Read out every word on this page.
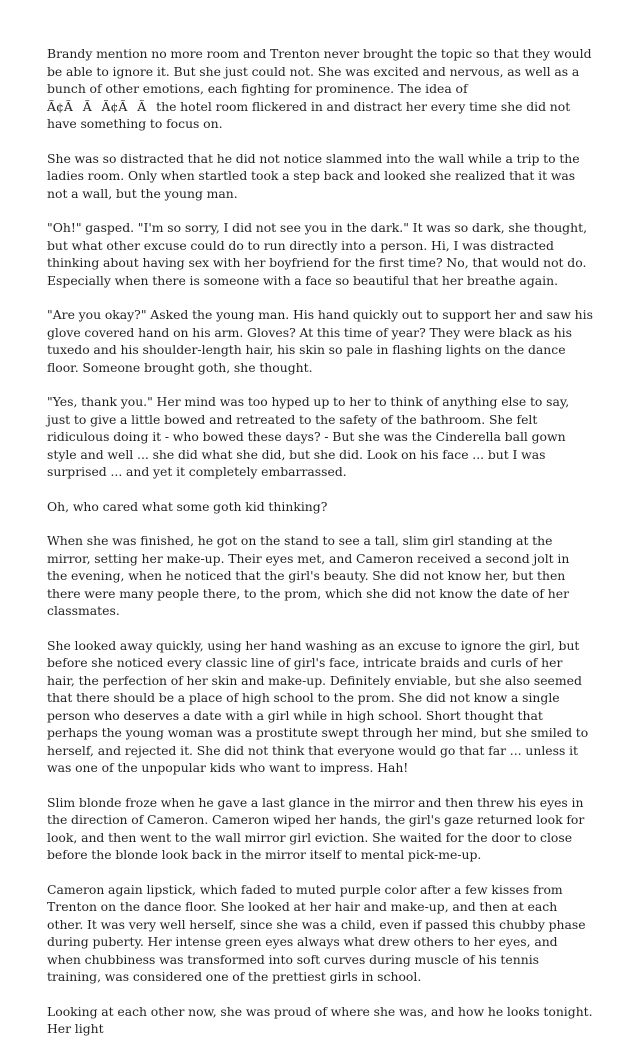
Brandy mention no more room and Trenton never brought the topic so that they would be able to ignore it. But she just could not. She was excited and nervous, as well as a bunch of other emotions, each fighting for prominence. The idea of Ã¢ÃÃÃ¢ÃÃthe hotel room flickered in and distract her every time she did not have something to focus on.

She was so distracted that he did not notice slammed into the wall while a trip to the ladies room. Only when startled took a step back and looked she realized that it was not a wall, but the young man.

"Oh!" gasped. "I'm so sorry, I did not see you in the dark." It was so dark, she thought, but what other excuse could do to run directly into a person. Hi, I was distracted thinking about having sex with her boyfriend for the first time? No, that would not do. Especially when there is someone with a face so beautiful that her breathe again.

"Are you okay?" Asked the young man. His hand quickly out to support her and saw his glove covered hand on his arm. Gloves? At this time of year? They were black as his tuxedo and his shoulder-length hair, his skin so pale in flashing lights on the dance floor. Someone brought goth, she thought.

"Yes, thank you." Her mind was too hyped up to her to think of anything else to say, just to give a little bowed and retreated to the safety of the bathroom. She felt ridiculous doing it - who bowed these days? - But she was the Cinderella ball gown style and well ... she did what she did, but she did. Look on his face ... but I was surprised ... and yet it completely embarrassed.

Oh, who cared what some goth kid thinking?

When she was finished, he got on the stand to see a tall, slim girl standing at the mirror, setting her make-up. Their eyes met, and Cameron received a second jolt in the evening, when he noticed that the girl's beauty. She did not know her, but then there were many people there, to the prom, which she did not know the date of her classmates.

She looked away quickly, using her hand washing as an excuse to ignore the girl, but before she noticed every classic line of girl's face, intricate braids and curls of her hair, the perfection of her skin and make-up. Definitely enviable, but she also seemed that there should be a place of high school to the prom. She did not know a single person who deserves a date with a girl while in high school. Short thought that perhaps the young woman was a prostitute swept through her mind, but she smiled to herself, and rejected it. She did not think that everyone would go that far ... unless it was one of the unpopular kids who want to impress. Hah!

Slim blonde froze when he gave a last glance in the mirror and then threw his eyes in the direction of Cameron. Cameron wiped her hands, the girl's gaze returned look for look, and then went to the wall mirror girl eviction. She waited for the door to close before the blonde look back in the mirror itself to mental pick-me-up.

Cameron again lipstick, which faded to muted purple color after a few kisses from Trenton on the dance floor. She looked at her hair and make-up, and then at each other. It was very well herself, since she was a child, even if passed this chubby phase during puberty. Her intense green eyes always what drew others to her eyes, and when chubbiness was transformed into soft curves during muscle of his tennis training, was considered one of the prettiest girls in school.

Looking at each other now, she was proud of where she was, and how he looks tonight. Her light
